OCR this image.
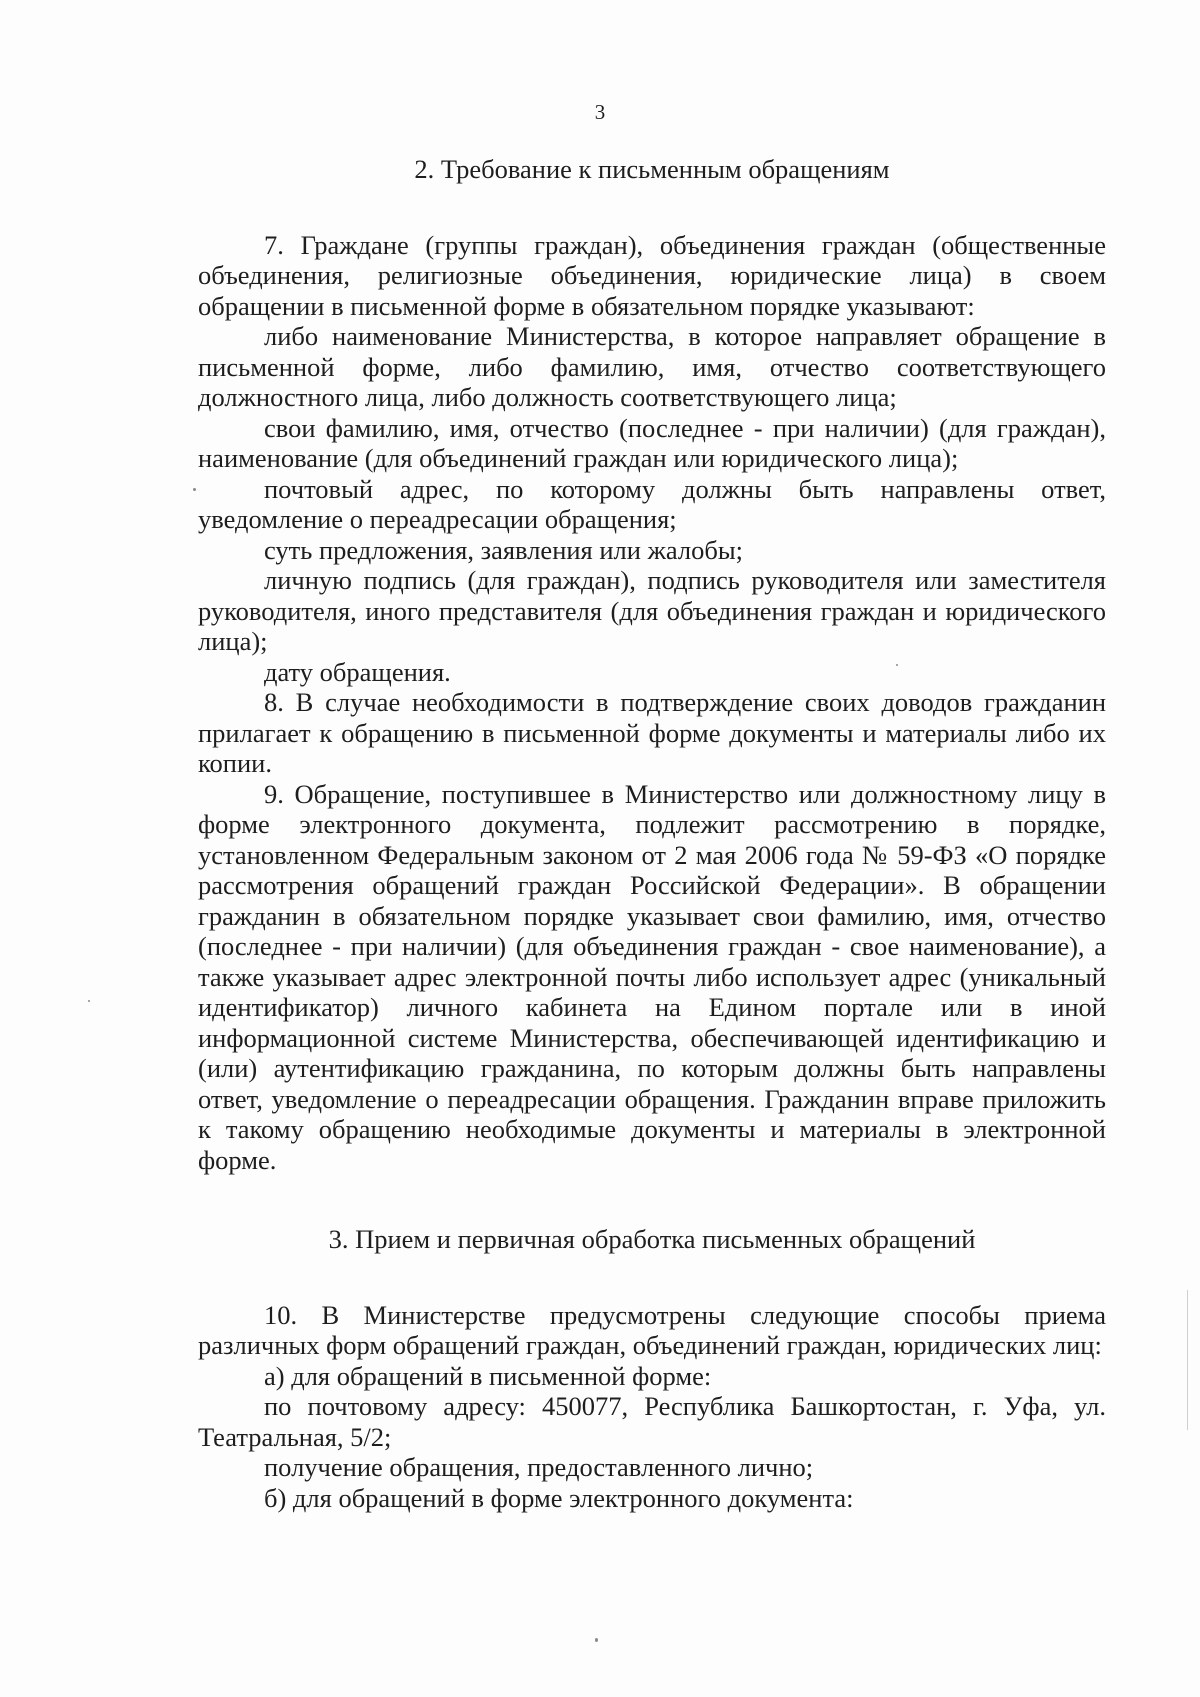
3
2. Требование к письменным обращениям

7. Граждане (группы граждан), объединения граждан (общественные объединения, религиозные объединения, юридические лица) в своем обращении в письменной форме в обязательном порядке указывают:

либо наименование Министерства, в которое направляет обращение в письменной форме, либо фамилию, имя, отчество соответствующего должностного лица, либо должность соответствующего лица;

свои фамилию, имя, отчество (последнее - при наличии) (для граждан), наименование (для объединений граждан или юридического лица);

почтовый адрес, по которому должны быть направлены ответ, уведомление о переадресации обращения;

суть предложения, заявления или жалобы;

личную подпись (для граждан), подпись руководителя или заместителя руководителя, иного представителя (для объединения граждан и юридического лица);

дату обращения.

8. В случае необходимости в подтверждение своих доводов гражданин прилагает к обращению в письменной форме документы и материалы либо их копии.

9. Обращение, поступившее в Министерство или должностному лицу в форме электронного документа, подлежит рассмотрению в порядке, установленном Федеральным законом от 2 мая 2006 года № 59-ФЗ «О порядке рассмотрения обращений граждан Российской Федерации». В обращении гражданин в обязательном порядке указывает свои фамилию, имя, отчество (последнее - при наличии) (для объединения граждан - свое наименование), а также указывает адрес электронной почты либо использует адрес (уникальный идентификатор) личного кабинета на Едином портале или в иной информационной системе Министерства, обеспечивающей идентификацию и (или) аутентификацию гражданина, по которым должны быть направлены ответ, уведомление о переадресации обращения. Гражданин вправе приложить к такому обращению необходимые документы и материалы в электронной форме.

3. Прием и первичная обработка письменных обращений

10. В Министерстве предусмотрены следующие способы приема различных форм обращений граждан, объединений граждан, юридических лиц:

а) для обращений в письменной форме:

по почтовому адресу: 450077, Республика Башкортостан, г. Уфа, ул. Театральная, 5/2;

получение обращения, предоставленного лично;

б) для обращений в форме электронного документа:
